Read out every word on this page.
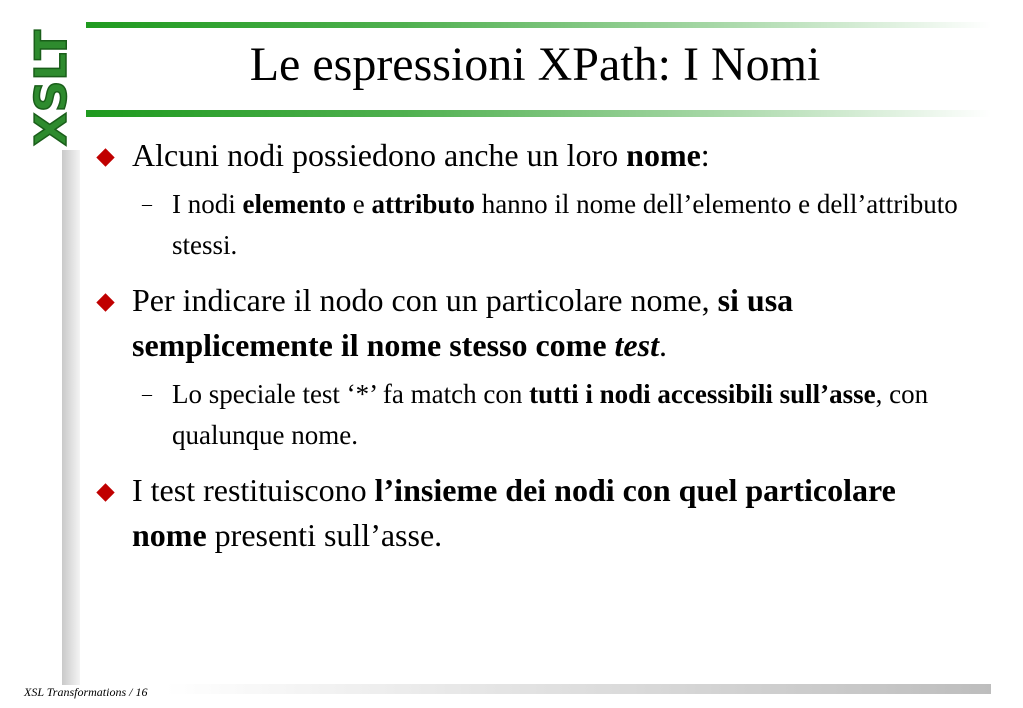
XSLT	Le espressioni XPath: I Nomi
Alcuni nodi possiedono anche un loro nome:
– I nodi elemento e attributo hanno il nome dell’elemento e dell’attributo stessi.
Per indicare il nodo con un particolare nome, si usa semplicemente il nome stesso come test.
– Lo speciale test ‘*’ fa match con tutti i nodi accessibili sull’asse, con qualunque nome.
I test restituiscono l’insieme dei nodi con quel particolare nome presenti sull’asse.
XSL Transformations / 16
